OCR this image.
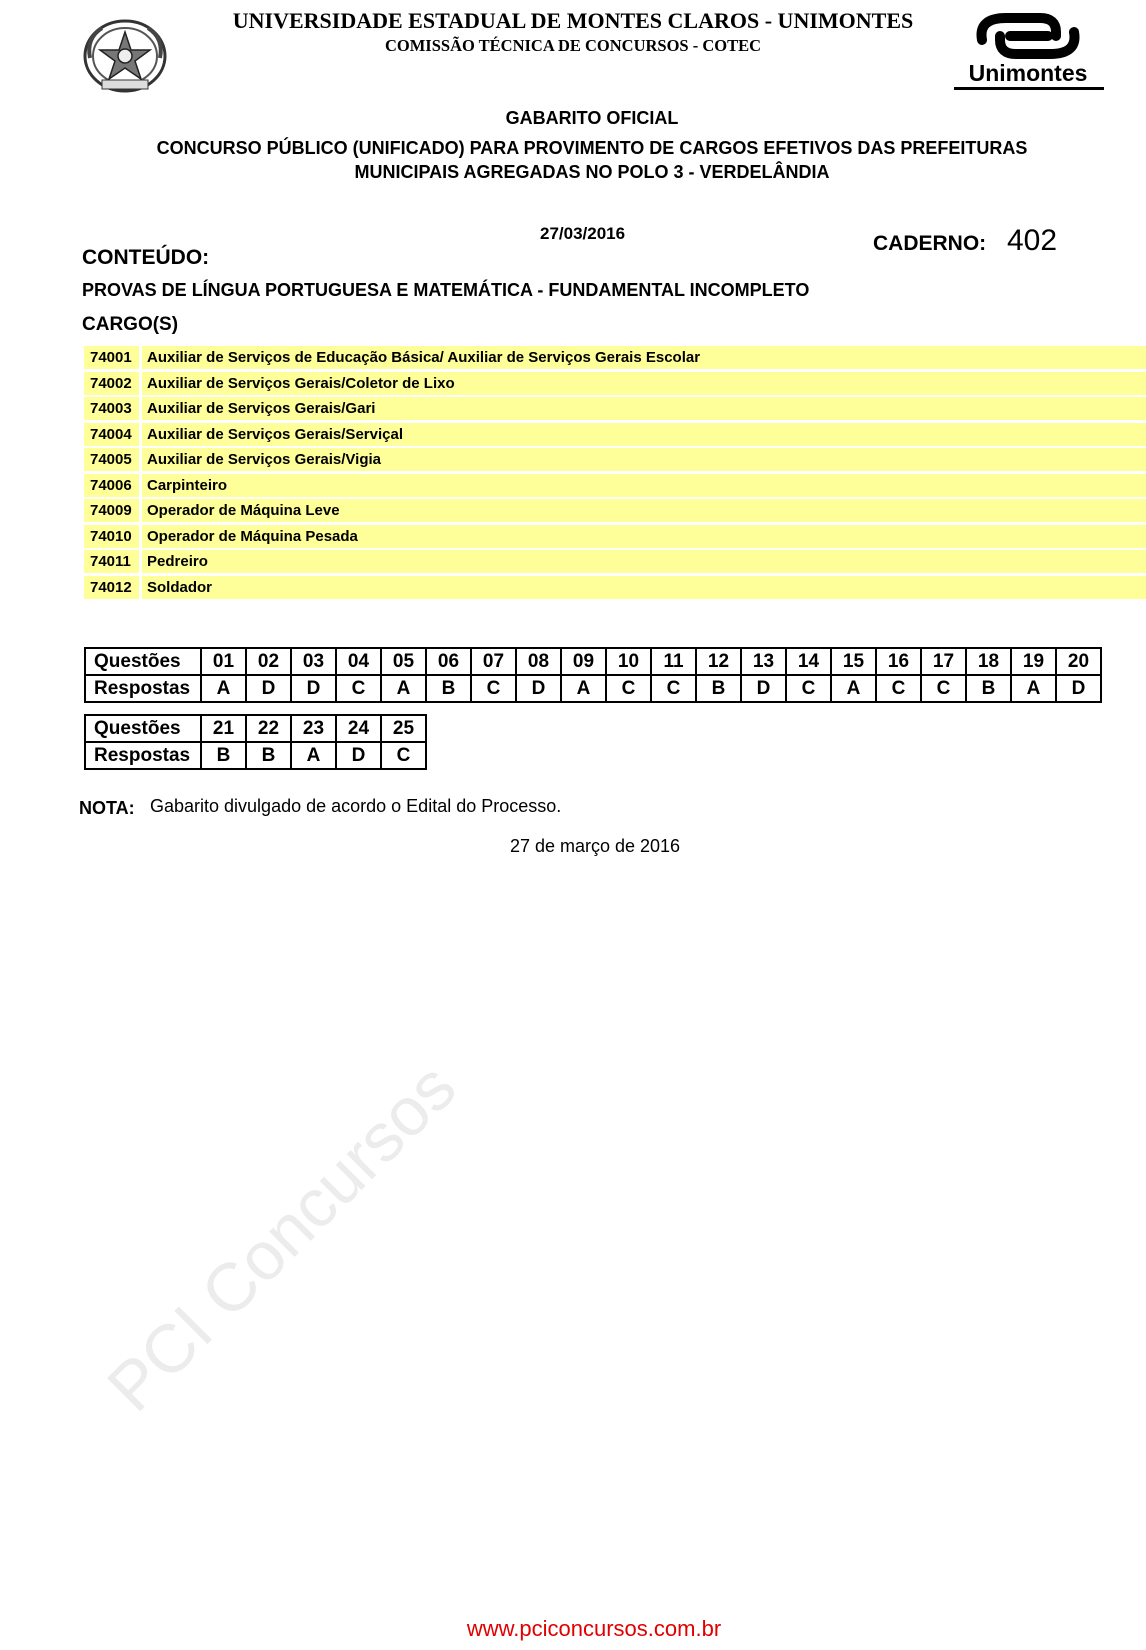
UNIVERSIDADE ESTADUAL DE MONTES CLAROS - UNIMONTES
COMISSÃO TÉCNICA DE CONCURSOS - COTEC
Unimontes
GABARITO OFICIAL
CONCURSO PÚBLICO (UNIFICADO) PARA PROVIMENTO DE CARGOS EFETIVOS DAS PREFEITURAS
MUNICIPAIS AGREGADAS NO POLO 3 - VERDELÂNDIA
27/03/2016	CADERNO: 402
CONTEÚDO:
PROVAS DE LÍNGUA PORTUGUESA E MATEMÁTICA - FUNDAMENTAL INCOMPLETO
CARGO(S)
74001	Auxiliar de Serviços de Educação Básica/ Auxiliar de Serviços Gerais Escolar
74002	Auxiliar de Serviços Gerais/Coletor de Lixo
74003	Auxiliar de Serviços Gerais/Gari
74004	Auxiliar de Serviços Gerais/Serviçal
74005	Auxiliar de Serviços Gerais/Vigia
74006	Carpinteiro
74009	Operador de Máquina Leve
74010	Operador de Máquina Pesada
74011	Pedreiro
74012	Soldador
Questões	01	02	03	04	05	06	07	08	09	10	11	12	13	14	15	16	17	18	19	20
Respostas	A	D	D	C	A	B	C	D	A	C	C	B	D	C	A	C	C	B	A	D
Questões	21	22	23	24	25
Respostas	B	B	A	D	C
NOTA: Gabarito divulgado de acordo o Edital do Processo.
27 de março de 2016
PCI Concursos
www.pciconcursos.com.br
